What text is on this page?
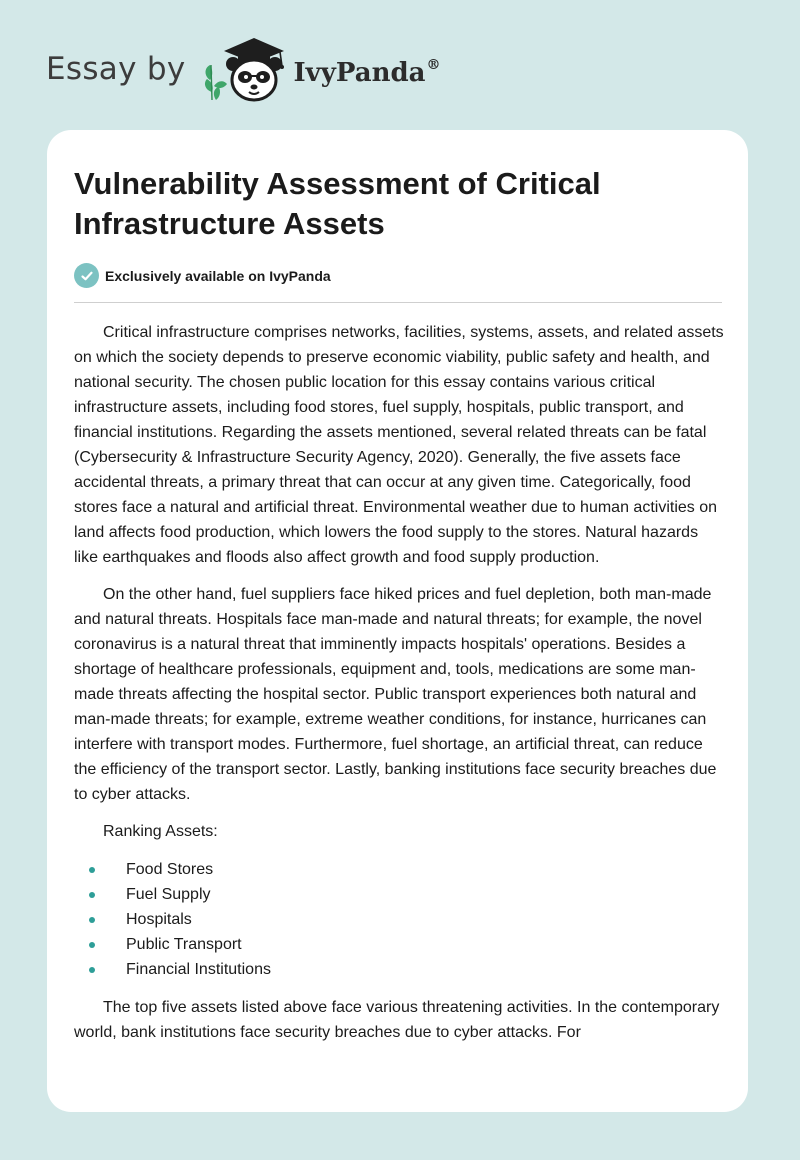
Essay by	IvyPanda®
Vulnerability Assessment of Critical Infrastructure Assets
Exclusively available on IvyPanda

Critical infrastructure comprises networks, facilities, systems, assets, and related assets on which the society depends to preserve economic viability, public safety and health, and national security. The chosen public location for this essay contains various critical infrastructure assets, including food stores, fuel supply, hospitals, public transport, and financial institutions. Regarding the assets mentioned, several related threats can be fatal (Cybersecurity & Infrastructure Security Agency, 2020). Generally, the five assets face accidental threats, a primary threat that can occur at any given time. Categorically, food stores face a natural and artificial threat. Environmental weather due to human activities on land affects food production, which lowers the food supply to the stores. Natural hazards like earthquakes and floods also affect growth and food supply production.

On the other hand, fuel suppliers face hiked prices and fuel depletion, both man-made and natural threats. Hospitals face man-made and natural threats; for example, the novel coronavirus is a natural threat that imminently impacts hospitals' operations. Besides a shortage of healthcare professionals, equipment and, tools, medications are some man-made threats affecting the hospital sector. Public transport experiences both natural and man-made threats; for example, extreme weather conditions, for instance, hurricanes can interfere with transport modes. Furthermore, fuel shortage, an artificial threat, can reduce the efficiency of the transport sector. Lastly, banking institutions face security breaches due to cyber attacks.

Ranking Assets:

Food Stores
Fuel Supply
Hospitals
Public Transport
Financial Institutions

The top five assets listed above face various threatening activities. In the contemporary world, bank institutions face security breaches due to cyber attacks. For
